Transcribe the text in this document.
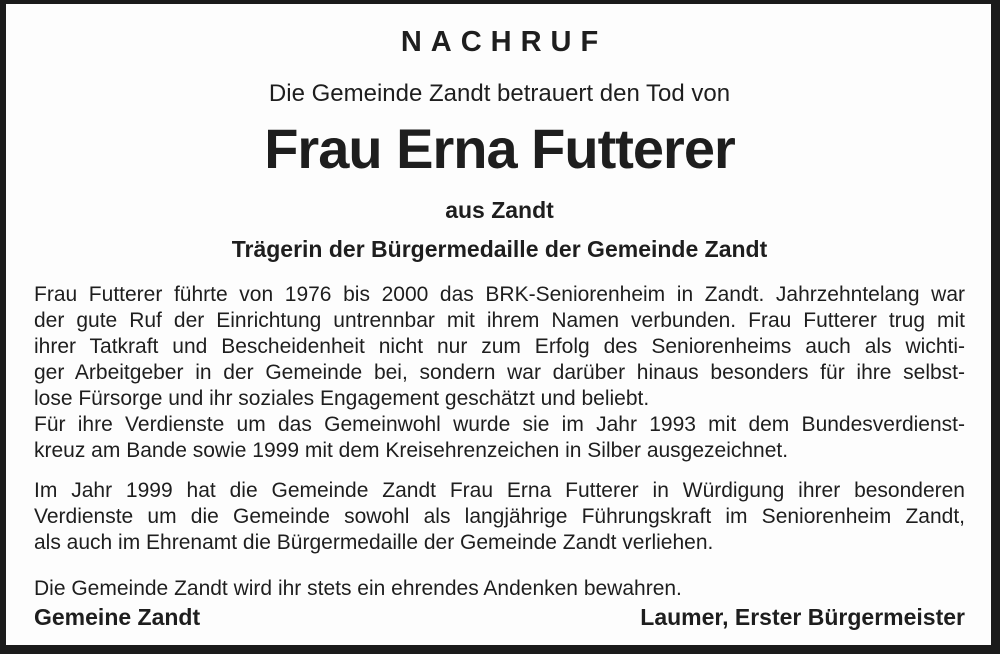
NACHRUF
Die Gemeinde Zandt betrauert den Tod von
Frau Erna Futterer
aus Zandt
Trägerin der Bürgermedaille der Gemeinde Zandt
Frau Futterer führte von 1976 bis 2000 das BRK-Seniorenheim in Zandt. Jahrzehntelang war
der gute Ruf der Einrichtung untrennbar mit ihrem Namen verbunden. Frau Futterer trug mit
ihrer Tatkraft und Bescheidenheit nicht nur zum Erfolg des Seniorenheims auch als wichti-
ger Arbeitgeber in der Gemeinde bei, sondern war darüber hinaus besonders für ihre selbst-
lose Fürsorge und ihr soziales Engagement geschätzt und beliebt.
Für ihre Verdienste um das Gemeinwohl wurde sie im Jahr 1993 mit dem Bundesverdienst-
kreuz am Bande sowie 1999 mit dem Kreisehrenzeichen in Silber ausgezeichnet.
Im Jahr 1999 hat die Gemeinde Zandt Frau Erna Futterer in Würdigung ihrer besonderen
Verdienste um die Gemeinde sowohl als langjährige Führungskraft im Seniorenheim Zandt,
als auch im Ehrenamt die Bürgermedaille der Gemeinde Zandt verliehen.
Die Gemeinde Zandt wird ihr stets ein ehrendes Andenken bewahren.
Gemeine Zandt	Laumer, Erster Bürgermeister
